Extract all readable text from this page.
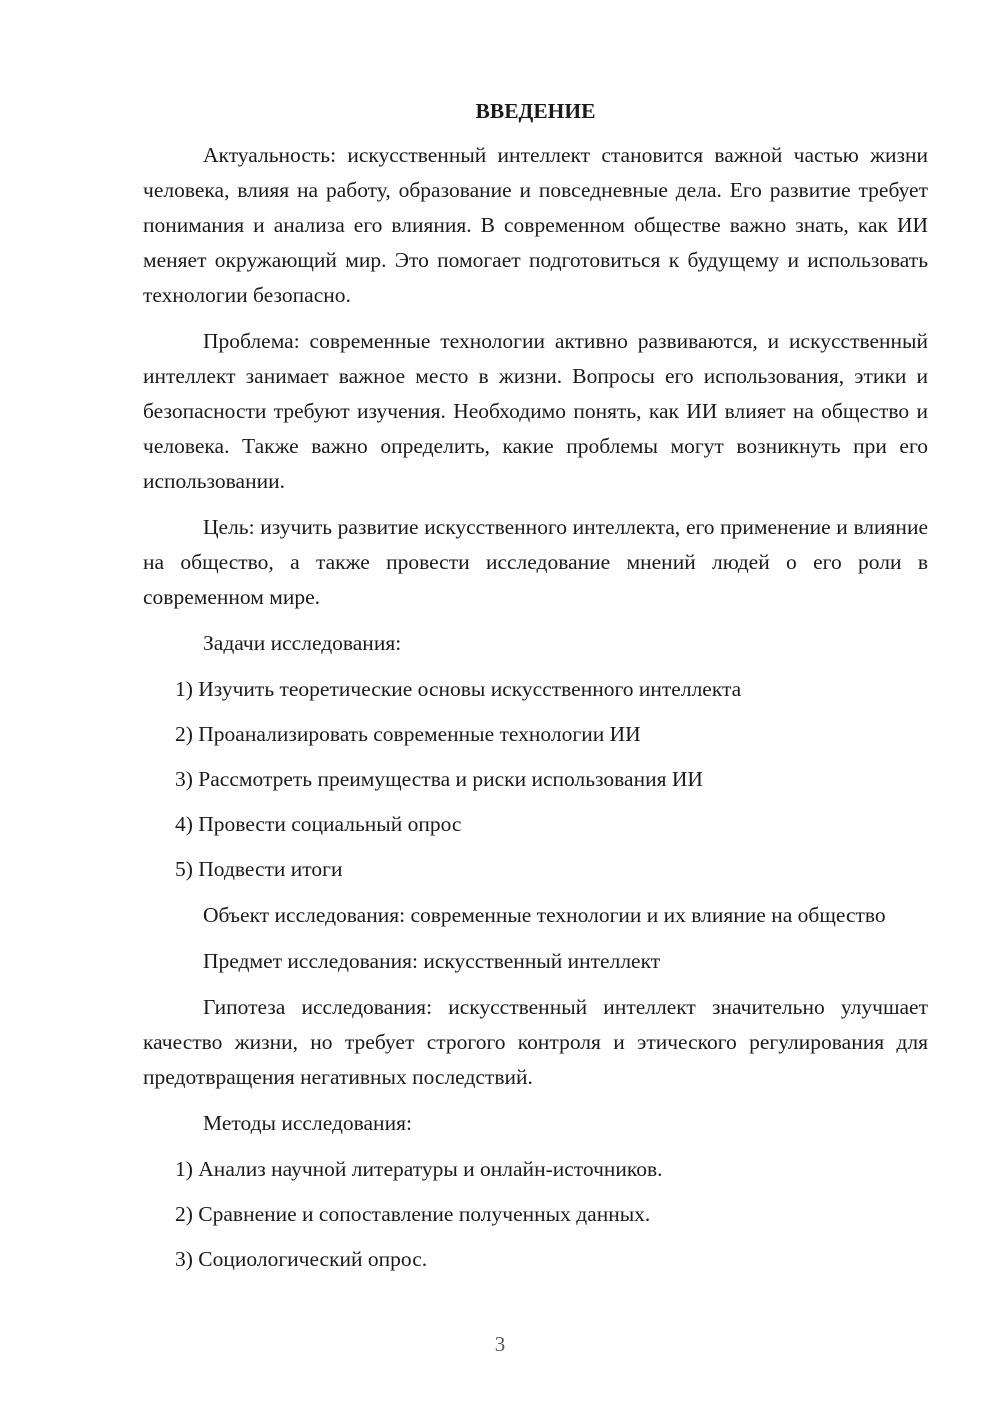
ВВЕДЕНИЕ

Актуальность: искусственный интеллект становится важной частью жизни человека, влияя на работу, образование и повседневные дела. Его развитие требует понимания и анализа его влияния. В современном обществе важно знать, как ИИ меняет окружающий мир. Это помогает подготовиться к будущему и использовать технологии безопасно.

Проблема: современные технологии активно развиваются, и искусственный интеллект занимает важное место в жизни. Вопросы его использования, этики и безопасности требуют изучения. Необходимо понять, как ИИ влияет на общество и человека. Также важно определить, какие проблемы могут возникнуть при его использовании.

Цель: изучить развитие искусственного интеллекта, его применение и влияние на общество, а также провести исследование мнений людей о его роли в современном мире.

Задачи исследования:

1) Изучить теоретические основы искусственного интеллекта
2) Проанализировать современные технологии ИИ
3) Рассмотреть преимущества и риски использования ИИ
4) Провести социальный опрос
5) Подвести итоги

Объект исследования: современные технологии и их влияние на общество

Предмет исследования: искусственный интеллект

Гипотеза исследования: искусственный интеллект значительно улучшает качество жизни, но требует строгого контроля и этического регулирования для предотвращения негативных последствий.

Методы исследования:

1) Анализ научной литературы и онлайн-источников.
2) Сравнение и сопоставление полученных данных.
3) Социологический опрос.
3
